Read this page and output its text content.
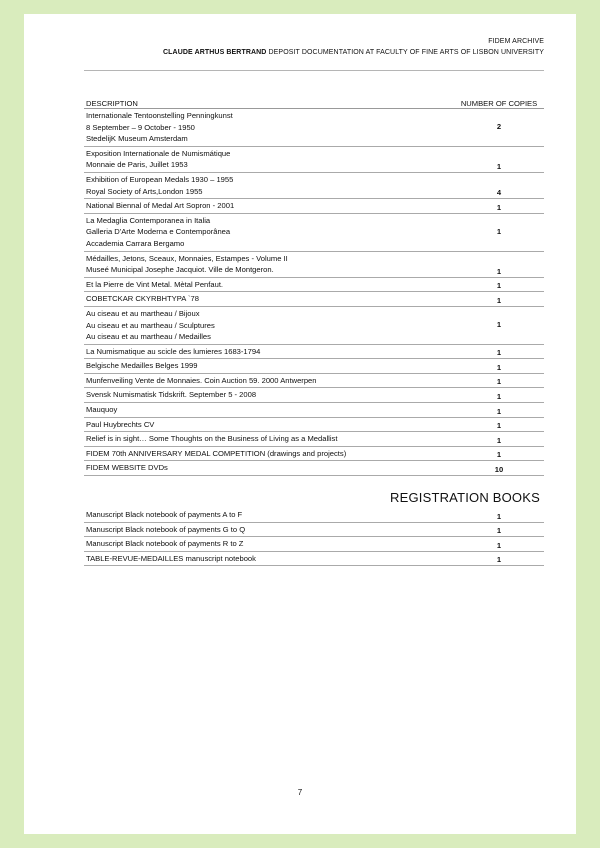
FIDEM ARCHIVE
CLAUDE ARTHUS BERTRAND DEPOSIT DOCUMENTATION AT FACULTY OF FINE ARTS OF LISBON UNIVERSITY
DESCRIPTION	NUMBER OF COPIES

Internationale Tentoonstelling Penningkunst
8 September – 9 October - 1950
StedelijK Museum Amsterdam	2

Exposition Internationale de Numismátique
Monnaie de Paris, Juillet 1953	1

Exhibition of European Medals 1930 – 1955
Royal Society of Arts,London 1955	4

National Biennal of Medal Art Sopron - 2001	1

La Medaglia Contemporanea in Italia
Galleria D'Arte Moderna e Contemporânea
Accademia Carrara Bergamo	1

Médailles, Jetons, Sceaux, Monnaies, Estampes - Volume II
Museé Municipal Josephe Jacquiot. Ville de Montgeron.	1

Et la Pierre de Vint Metal. Mètal Penfaut.	1

COBETCKAR CKYRBHTYPA `78	1

Au ciseau et au martheau / Bijoux
Au ciseau et au martheau / Sculptures
Au ciseau et au martheau / Medailles	1

La Numismatique au scicle des lumieres 1683-1794	1

Belgische Medailles Belges 1999	1

Munfenveiling Vente de Monnaies. Coin Auction 59. 2000 Antwerpen	1

Svensk Numismatisk Tidskrift. September 5 - 2008	1

Mauquoy	1

Paul Huybrechts CV	1

Relief is in sight… Some Thoughts on the Business of Living as a Medallist	1

FIDEM 70th ANNIVERSARY MEDAL COMPETITION (drawings and projects)	1

FIDEM WEBSITE DVDs	10
REGISTRATION BOOKS
Manuscript Black notebook of payments A to F	1

Manuscript Black notebook of payments G to Q	1

Manuscript Black notebook of payments R to Z	1

TABLE-REVUE-MEDAILLES manuscript notebook	1
7
